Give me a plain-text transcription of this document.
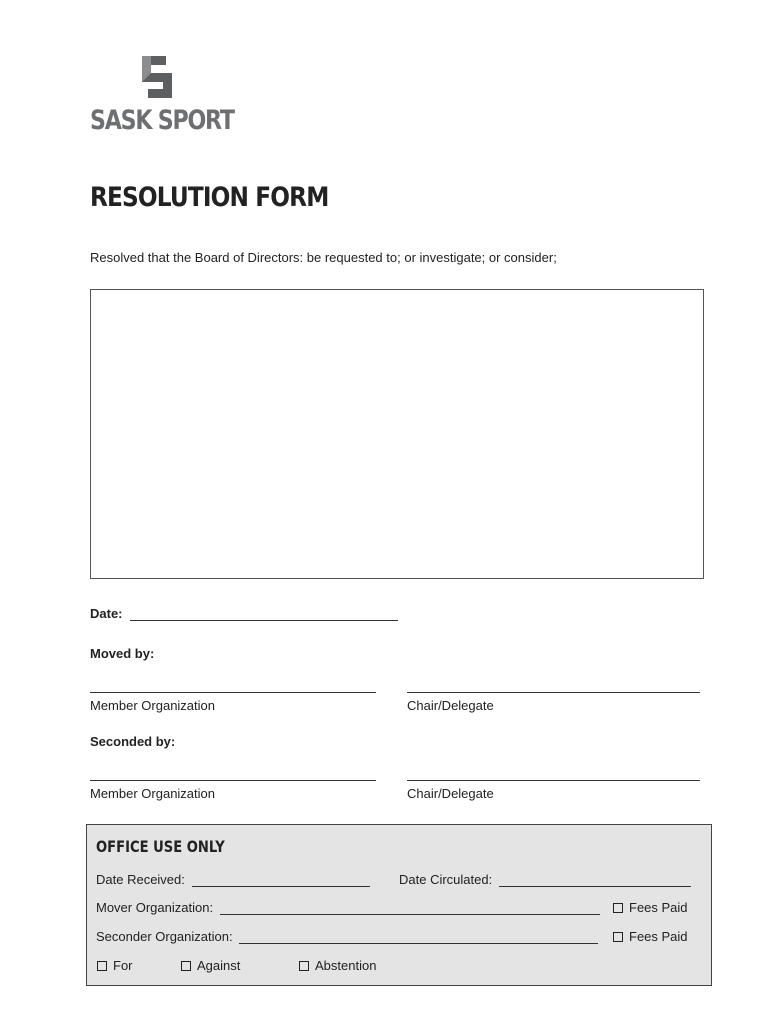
SASK SPORT
RESOLUTION FORM
Resolved that the Board of Directors: be requested to; or investigate; or consider;
Date:
Moved by:
Member Organization	Chair/Delegate
Seconded by:
Member Organization	Chair/Delegate
OFFICE USE ONLY
Date Received:	Date Circulated:
Mover Organization:	Fees Paid
Seconder Organization:	Fees Paid
For	Against	Abstention
